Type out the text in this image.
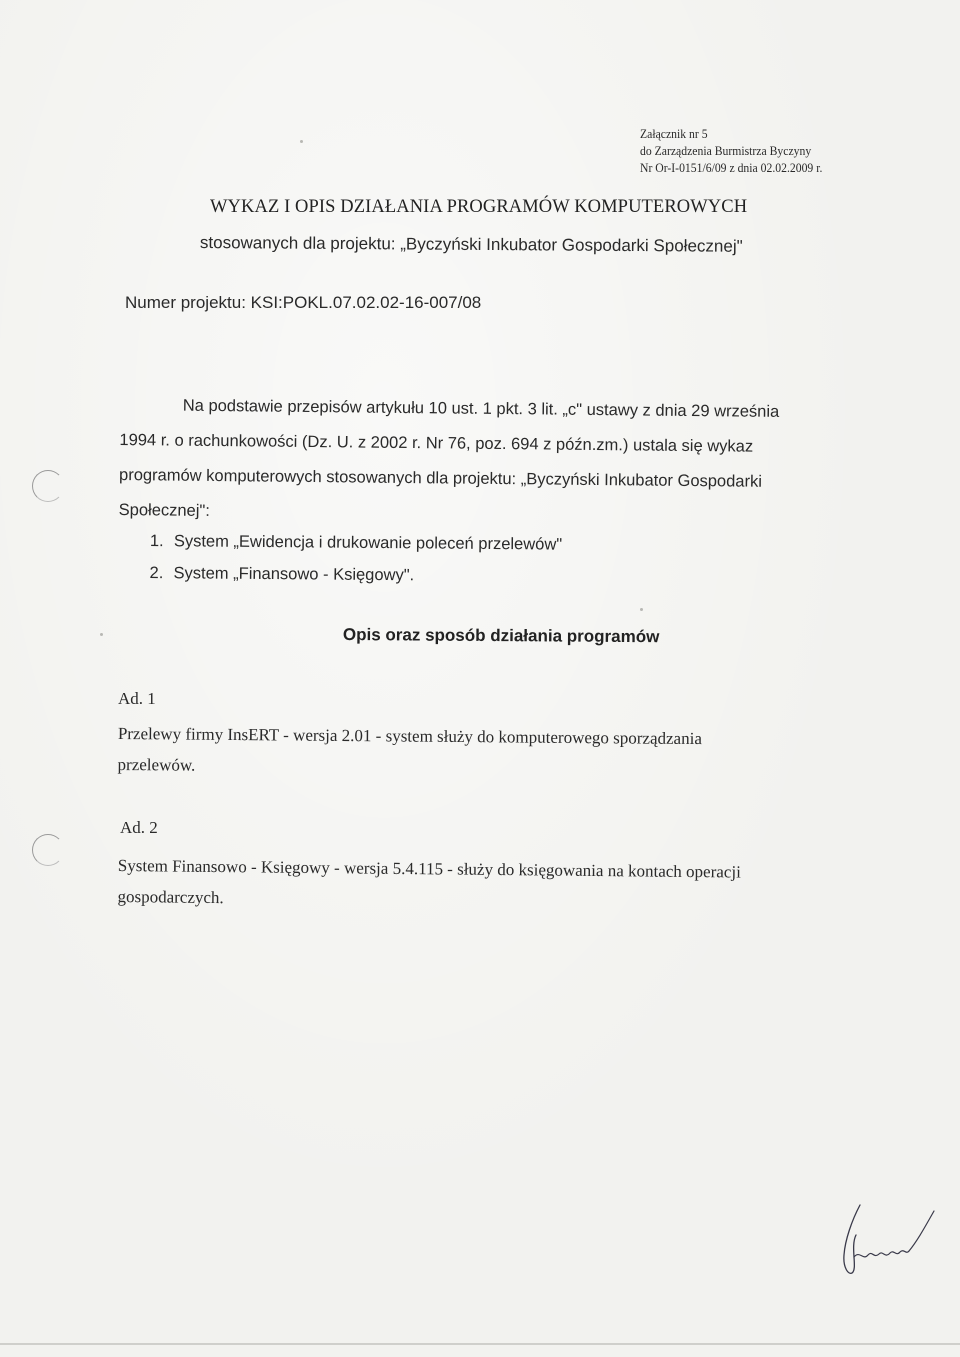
Załącznik nr 5
do Zarządzenia Burmistrza Byczyny
Nr Or-I-0151/6/09 z dnia 02.02.2009 r.
WYKAZ I OPIS DZIAŁANIA PROGRAMÓW KOMPUTEROWYCH
stosowanych dla projektu: „Byczyński Inkubator Gospodarki Społecznej"
Numer projektu: KSI:POKL.07.02.02-16-007/08
Na podstawie przepisów artykułu 10 ust. 1 pkt. 3 lit. „c" ustawy z dnia 29 września
1994 r. o rachunkowości (Dz. U. z 2002 r. Nr 76, poz. 694 z późn.zm.) ustala się wykaz
programów komputerowych stosowanych dla projektu: „Byczyński Inkubator Gospodarki
Społecznej":
1. System „Ewidencja i drukowanie poleceń przelewów"
2. System „Finansowo - Księgowy".
Opis oraz sposób działania programów
Ad. 1
Przelewy firmy InsERT - wersja 2.01 - system służy do komputerowego sporządzania
przelewów.
Ad. 2
System Finansowo - Księgowy - wersja 5.4.115 - służy do księgowania na kontach operacji
gospodarczych.
